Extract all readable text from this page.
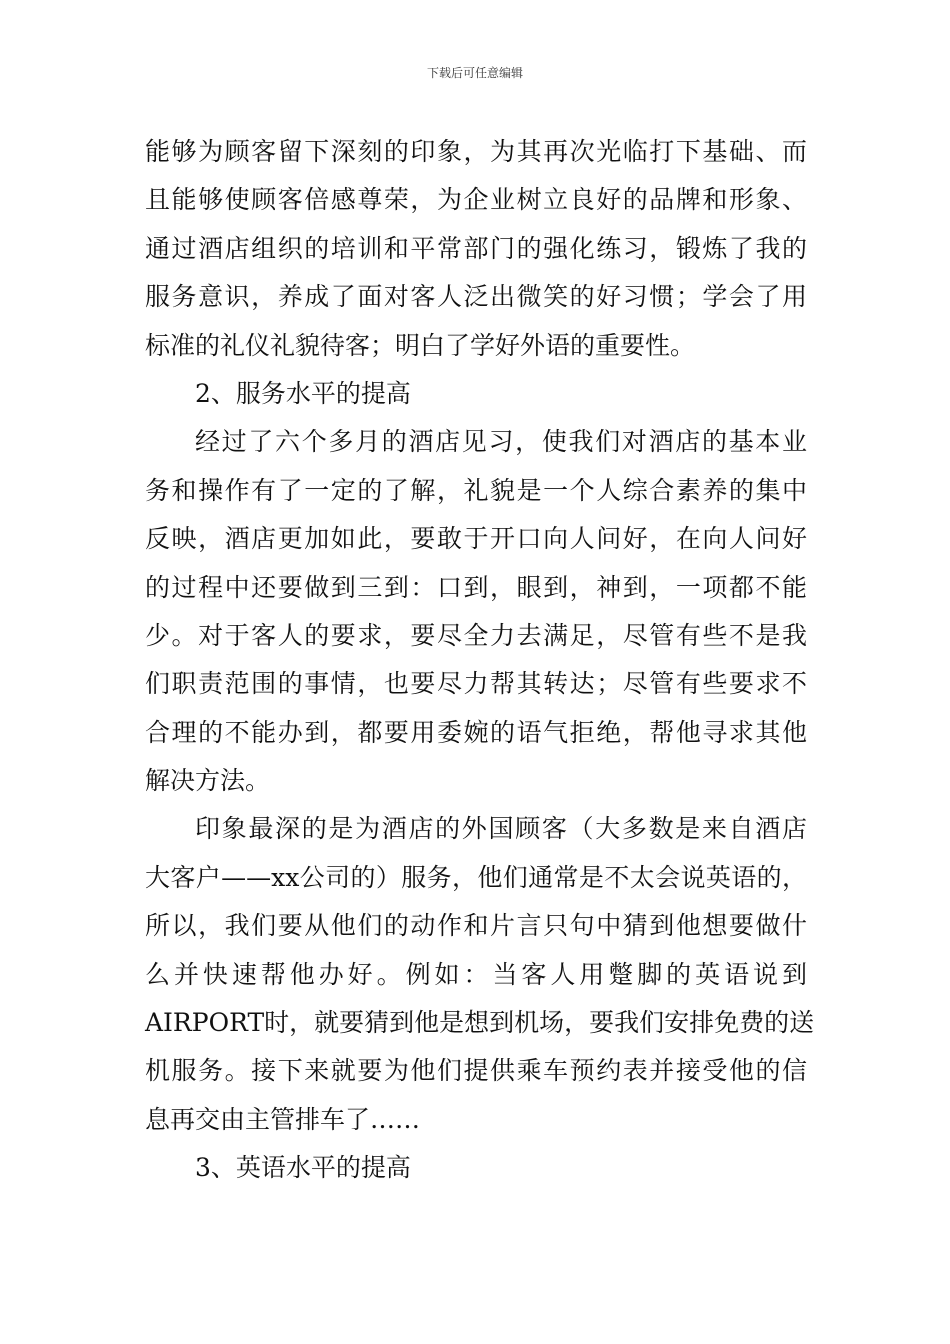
下载后可任意编辑
能够为顾客留下深刻的印象，为其再次光临打下基础、而
且能够使顾客倍感尊荣，为企业树立良好的品牌和形象、
通过酒店组织的培训和平常部门的强化练习，锻炼了我的
服务意识，养成了面对客人泛出微笑的好习惯；学会了用
标准的礼仪礼貌待客；明白了学好外语的重要性。
2、服务水平的提高
经过了六个多月的酒店见习，使我们对酒店的基本业
务和操作有了一定的了解，礼貌是一个人综合素养的集中
反映，酒店更加如此，要敢于开口向人问好，在向人问好
的过程中还要做到三到：口到，眼到，神到，一项都不能
少。对于客人的要求，要尽全力去满足，尽管有些不是我
们职责范围的事情，也要尽力帮其转达；尽管有些要求不
合理的不能办到，都要用委婉的语气拒绝，帮他寻求其他
解决方法。
印象最深的是为酒店的外国顾客（大多数是来自酒店
大客户——xx公司的）服务，他们通常是不太会说英语的，
所以，我们要从他们的动作和片言只句中猜到他想要做什
么并快速帮他办好。例如：当客人用蹩脚的英语说到
AIRPORT时，就要猜到他是想到机场，要我们安排免费的送
机服务。接下来就要为他们提供乘车预约表并接受他的信
息再交由主管排车了……
3、英语水平的提高
